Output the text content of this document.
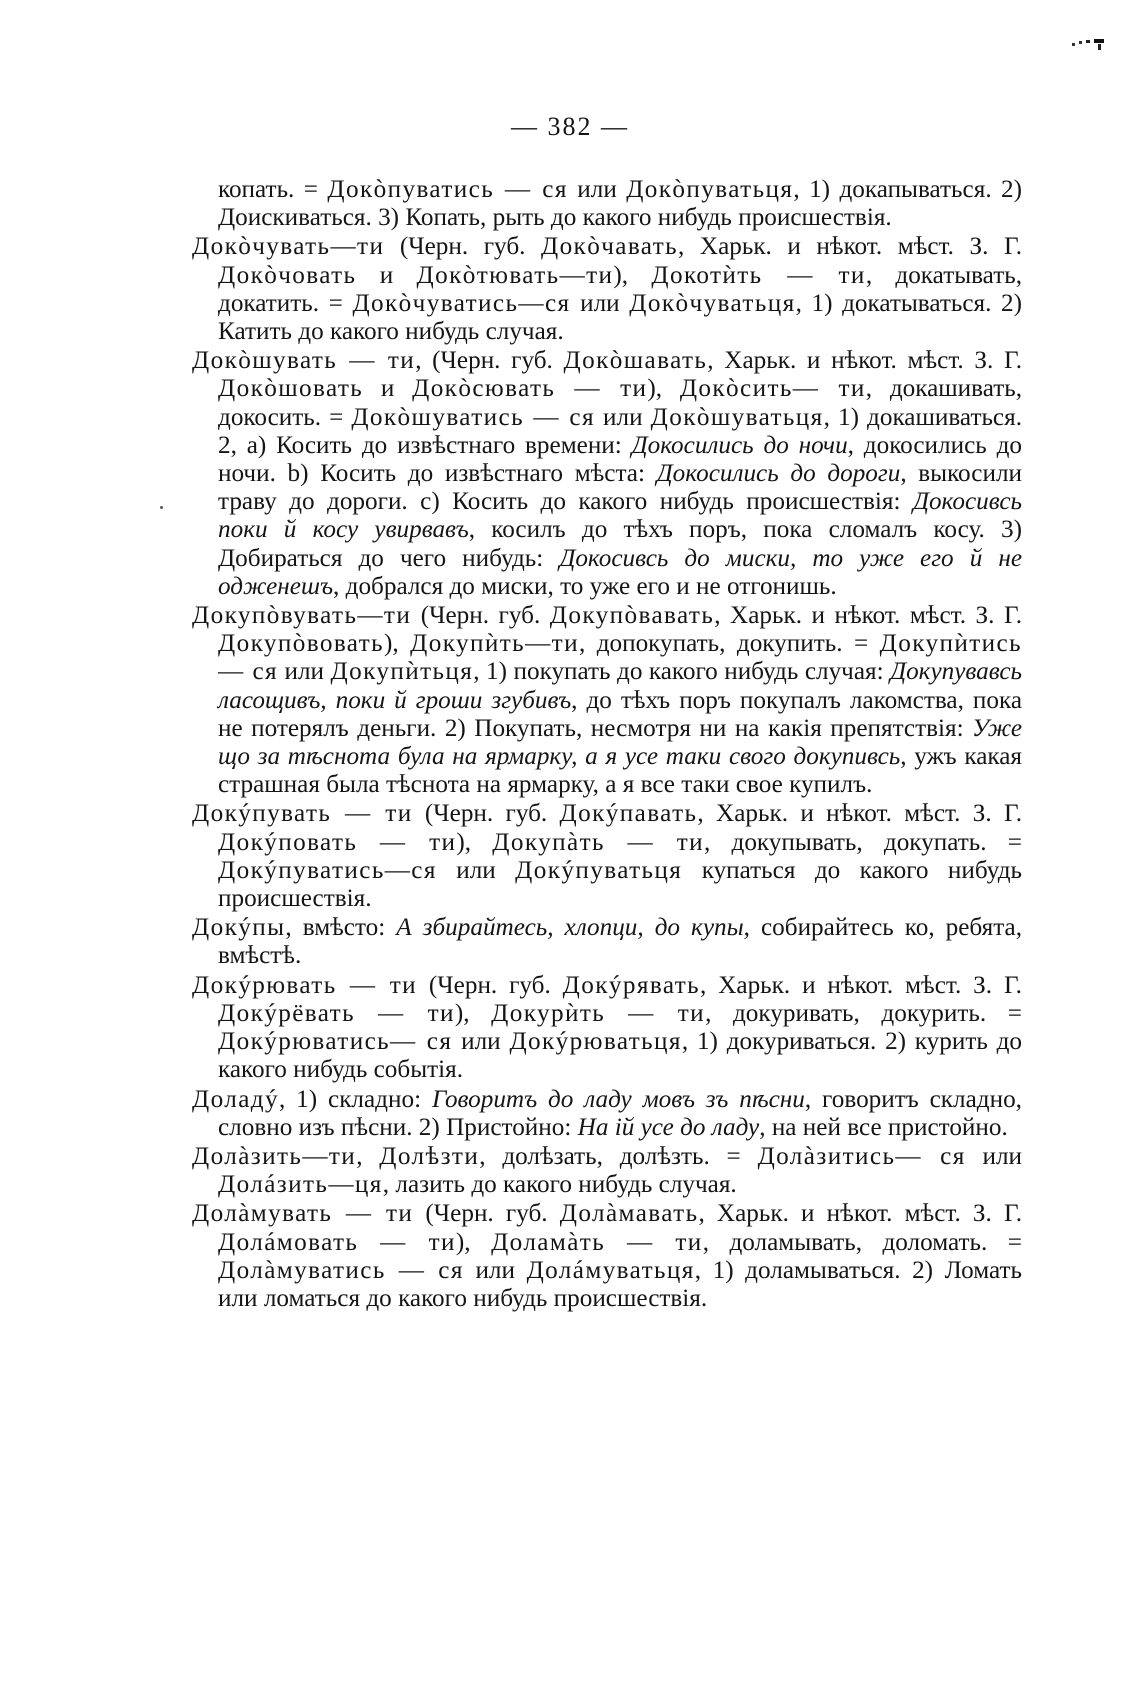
— 382 —

копать. = Докòпуватись — ся или Докòпуватьця, 1) докапываться. 2) Доискиваться. 3) Копать, рыть до какого нибудь происшествія.

Докòчувать—ти (Черн. губ. Докòчавать, Харьк. и нѣкот. мѣст. З. Г. Докòчовать и Докòтювать—ти), Докотѝть — ти, докатывать, докатить. = Докòчуватись—ся или Докòчуватьця, 1) докатываться. 2) Катить до какого нибудь случая.

Докòшувать — ти, (Черн. губ. Докòшавать, Харьк. и нѣкот. мѣст. З. Г. Докòшовать и Докòсювать — ти), Докòсить— ти, докашивать, докосить. = Докòшуватись — ся или Докòшуватьця, 1) докашиваться. 2, a) Косить до извѣстнаго времени: Докосились до ночи, докосились до ночи. b) Косить до извѣстнаго мѣста: Докосились до дороги, выкосили траву до дороги. c) Косить до какого нибудь происшествія: Докосивсь поки й косу увирвавъ, косилъ до тѣхъ поръ, пока сломалъ косу. 3) Добираться до чего нибудь: Докосивсь до миски, то уже его й не одженешъ, добрался до миски, то уже его и не отгонишь.

Докупòвувать—ти (Черн. губ. Докупòвавать, Харьк. и нѣкот. мѣст. З. Г. Докупòвовать), Докупѝть—ти, допокупать, докупить. = Докупѝтись — ся или Докупѝтьця, 1) покупать до какого нибудь случая: Докупувавсь ласощивъ, поки й гроши згубивъ, до тѣхъ поръ покупалъ лакомства, пока не потерялъ деньги. 2) Покупать, несмотря ни на какія препятствія: Уже що за тѣснота була на ярмарку, а я усе таки свого докупивсь, ужъ какая страшная была тѣснота на ярмарку, а я все таки свое купилъ.

Докýпувать — ти (Черн. губ. Докýпавать, Харьк. и нѣкот. мѣст. З. Г. Докýповать — ти), Докупàть — ти, докупывать, докупать. = Докýпуватись—ся или Докýпуватьця купаться до какого нибудь происшествія.

Докýпы, вмѣсто: А збирайтесь, хлопци, до купы, собирайтесь ко, ребята, вмѣстѣ.

Докýрювать — ти (Черн. губ. Докýрявать, Харьк. и нѣкот. мѣст. З. Г. Докýрёвать — ти), Докурѝть — ти, докуривать, докурить. = Докýрюватись— ся или Докýрюватьця, 1) докуриваться. 2) курить до какого нибудь событія.

Доладý, 1) складно: Говоритъ до ладу мовъ зъ пѣсни, говоритъ складно, словно изъ пѣсни. 2) Пристойно: На ій усе до ладу, на ней все пристойно.

Долàзить—ти, Долѣзти, долѣзать, долѣзть. = Долàзитись— ся или Долáзить—ця, лазить до какого нибудь случая.

Долàмувать — ти (Черн. губ. Долàмавать, Харьк. и нѣкот. мѣст. З. Г. Долáмовать — ти), Доламàть — ти, доламывать, доломать. = Долàмуватись — ся или Долáмуватьця, 1) доламываться. 2) Ломать или ломаться до какого нибудь происшествія.
